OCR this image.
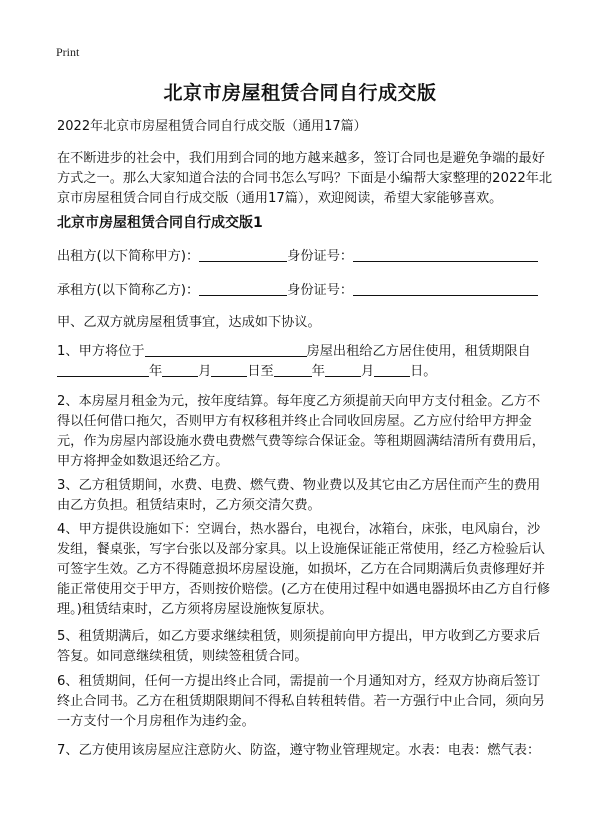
Print
北京市房屋租赁合同自行成交版
2022年北京市房屋租赁合同自行成交版（通用17篇）
在不断进步的社会中，我们用到合同的地方越来越多，签订合同也是避免争端的最好方式之一。那么大家知道合法的合同书怎么写吗？下面是小编帮大家整理的2022年北京市房屋租赁合同自行成交版（通用17篇），欢迎阅读，希望大家能够喜欢。
北京市房屋租赁合同自行成交版1
出租方(以下简称甲方)：	身份证号：
承租方(以下简称乙方)：	身份证号：
甲、乙双方就房屋租赁事宜，达成如下协议。
1、甲方将位于	房屋出租给乙方居住使用，租赁期限自
年	月	日至	年	月	日。
2、本房屋月租金为元，按年度结算。每年度乙方须提前天向甲方支付租金。乙方不得以任何借口拖欠，否则甲方有权移租并终止合同收回房屋。乙方应付给甲方押金元，作为房屋内部设施水费电费燃气费等综合保证金。等租期圆满结清所有费用后，甲方将押金如数退还给乙方。
3、乙方租赁期间，水费、电费、燃气费、物业费以及其它由乙方居住而产生的费用由乙方负担。租赁结束时，乙方须交清欠费。
4、甲方提供设施如下：空调台，热水器台，电视台，冰箱台，床张，电风扇台，沙发组，餐桌张，写字台张以及部分家具。以上设施保证能正常使用，经乙方检验后认可签字生效。乙方不得随意损坏房屋设施，如损坏，乙方在合同期满后负责修理好并能正常使用交于甲方，否则按价赔偿。(乙方在使用过程中如遇电器损坏由乙方自行修理。)租赁结束时，乙方须将房屋设施恢复原状。
5、租赁期满后，如乙方要求继续租赁，则须提前向甲方提出，甲方收到乙方要求后答复。如同意继续租赁，则续签租赁合同。
6、租赁期间，任何一方提出终止合同，需提前一个月通知对方，经双方协商后签订终止合同书。乙方在租赁期限期间不得私自转租转借。若一方强行中止合同，须向另一方支付一个月房租作为违约金。
7、乙方使用该房屋应注意防火、防盗，遵守物业管理规定。水表：电表：燃气表：
